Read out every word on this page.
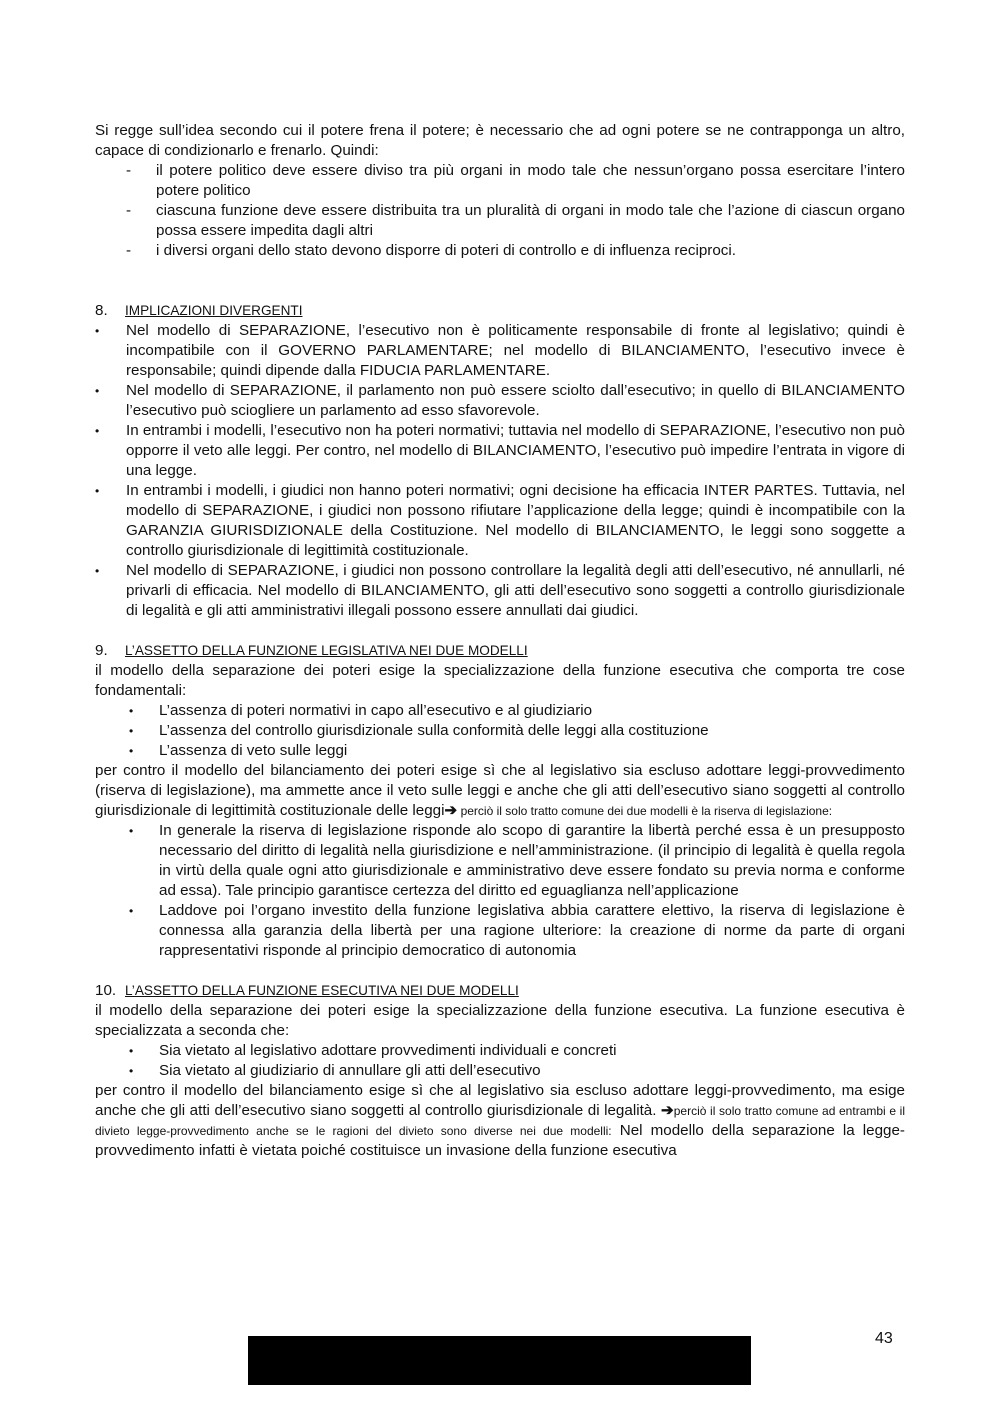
Si regge sull’idea secondo cui il potere frena il potere; è necessario che ad ogni potere se ne contrapponga un altro, capace di condizionarlo e frenarlo. Quindi:

- il potere politico deve essere diviso tra più organi in modo tale che nessun’organo possa esercitare l’intero potere politico
- ciascuna funzione deve essere distribuita tra un pluralità di organi in modo tale che l’azione di ciascun organo possa essere impedita dagli altri
- i diversi organi dello stato devono disporre di poteri di controllo e di influenza reciproci.
8.	IMPLICAZIONI DIVERGENTI
• Nel modello di SEPARAZIONE, l’esecutivo non è politicamente responsabile di fronte al legislativo; quindi è incompatibile con il GOVERNO PARLAMENTARE; nel modello di BILANCIAMENTO, l’esecutivo invece è responsabile; quindi dipende dalla FIDUCIA PARLAMENTARE.
• Nel modello di SEPARAZIONE, il parlamento non può essere sciolto dall’esecutivo; in quello di BILANCIAMENTO l’esecutivo può sciogliere un parlamento ad esso sfavorevole.
• In entrambi i modelli, l’esecutivo non ha poteri normativi; tuttavia nel modello di SEPARAZIONE, l’esecutivo non può opporre il veto alle leggi. Per contro, nel modello di BILANCIAMENTO, l’esecutivo può impedire l’entrata in vigore di una legge.
• In entrambi i modelli, i giudici non hanno poteri normativi; ogni decisione ha efficacia INTER PARTES. Tuttavia, nel modello di SEPARAZIONE, i giudici non possono rifiutare l’applicazione della legge; quindi è incompatibile con la GARANZIA GIURISDIZIONALE della Costituzione. Nel modello di BILANCIAMENTO, le leggi sono soggette a controllo giurisdizionale di legittimità costituzionale.
• Nel modello di SEPARAZIONE, i giudici non possono controllare la legalità degli atti dell’esecutivo, né annullarli, né privarli di efficacia. Nel modello di BILANCIAMENTO, gli atti dell’esecutivo sono soggetti a controllo giurisdizionale di legalità e gli atti amministrativi illegali possono essere annullati dai giudici.
9.	L’ASSETTO DELLA FUNZIONE LEGISLATIVA NEI DUE MODELLI

il modello della separazione dei poteri esige la specializzazione della funzione esecutiva che comporta tre cose fondamentali:

• L’assenza di poteri normativi in capo all’esecutivo e al giudiziario
• L’assenza del controllo giurisdizionale sulla conformità delle leggi alla costituzione
• L’assenza di veto sulle leggi

per contro il modello del bilanciamento dei poteri esige sì che al legislativo sia escluso adottare leggi-provvedimento (riserva di legislazione), ma ammette ance il veto sulle leggi e anche che gli atti dell’esecutivo siano soggetti al controllo giurisdizionale di legittimità costituzionale delle leggi➔ perciò il solo tratto comune dei due modelli è la riserva di legislazione:

• In generale la riserva di legislazione risponde alo scopo di garantire la libertà perché essa è un presupposto necessario del diritto di legalità nella giurisdizione e nell’amministrazione. (il principio di legalità è quella regola in virtù della quale ogni atto giurisdizionale e amministrativo deve essere fondato su previa norma e conforme ad essa). Tale principio garantisce certezza del diritto ed eguaglianza nell’applicazione
• Laddove poi l’organo investito della funzione legislativa abbia carattere elettivo, la riserva di legislazione è connessa alla garanzia della libertà per una ragione ulteriore: la creazione di norme da parte di organi rappresentativi risponde al principio democratico di autonomia
10. L’ASSETTO DELLA FUNZIONE ESECUTIVA NEI DUE MODELLI

il modello della separazione dei poteri esige la specializzazione della funzione esecutiva. La funzione esecutiva è specializzata a seconda che:

• Sia vietato al legislativo adottare provvedimenti individuali e concreti
• Sia vietato al giudiziario di annullare gli atti dell’esecutivo

per contro il modello del bilanciamento esige sì che al legislativo sia escluso adottare leggi-provvedimento, ma esige anche che gli atti dell’esecutivo siano soggetti al controllo giurisdizionale di legalità. ➔perciò il solo tratto comune ad entrambi e il divieto legge-provvedimento anche se le ragioni del divieto sono diverse nei due modelli: Nel modello della separazione la legge-provvedimento infatti è vietata poiché costituisce un invasione della funzione esecutiva

43
